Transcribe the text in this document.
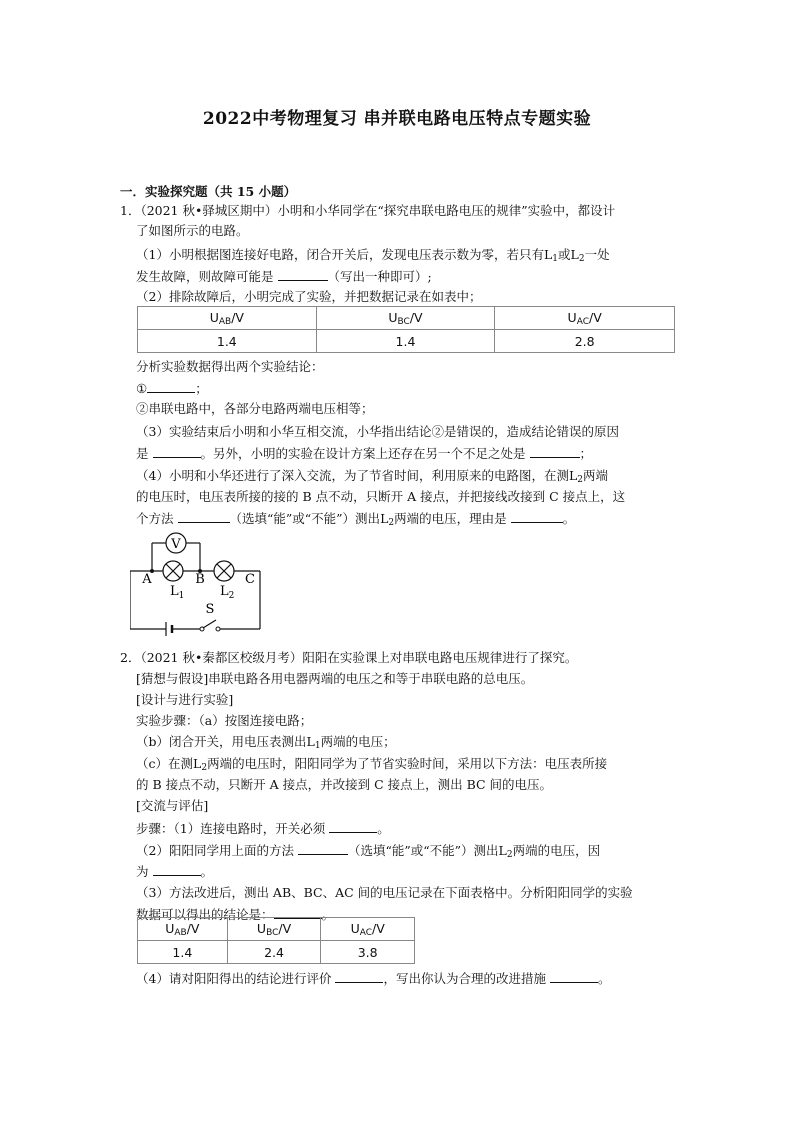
2022中考物理复习 串并联电路电压特点专题实验
一．实验探究题（共 15 小题）
1．（2021 秋•驿城区期中）小明和小华同学在“探究串联电路电压的规律”实验中，都设计
了如图所示的电路。
（1）小明根据图连接好电路，闭合开关后，发现电压表示数为零，若只有$L_1$或$L_2$一处
发生故障，则故障可能是	（写出一种即可）;
（2）排除故障后，小明完成了实验，并把数据记录在如表中；
$U_{AB}/V$	$U_{BC}/V$	$U_{AC}/V$
1.4	1.4	2.8
分析实验数据得出两个实验结论：
①	；
②串联电路中，各部分电路两端电压相等；
（3）实验结束后小明和小华互相交流，小华指出结论②是错误的，造成结论错误的原因
是	。另外，小明的实验在设计方案上还存在另一个不足之处是	；
（4）小明和小华还进行了深入交流，为了节省时间，利用原来的电路图，在测$L_2$两端
的电压时，电压表所接的接的 B 点不动，只断开 A 接点，并把接线改接到 C 接点上，这
个方法	（选填“能”或“不能”）测出$L_2$两端的电压，理由是	。
V
A	B	C
$L_1$	$L_2$
S
2．（2021 秋•秦都区校级月考）阳阳在实验课上对串联电路电压规律进行了探究。
[猜想与假设]串联电路各用电器两端的电压之和等于串联电路的总电压。
[设计与进行实验]
实验步骤：（a）按图连接电路；
（b）闭合开关，用电压表测出$L_1$两端的电压；
（c）在测$L_2$两端的电压时，阳阳同学为了节省实验时间，采用以下方法：电压表所接
的 B 接点不动，只断开 A 接点，并改接到 C 接点上，测出 BC 间的电压。
[交流与评估]
步骤：（1）连接电路时，开关必须	。
（2）阳阳同学用上面的方法	（选填“能”或“不能”）测出$L_2$两端的电压，因
为	。
（3）方法改进后，测出 AB、BC、AC 间的电压记录在下面表格中。分析阳阳同学的实验
数据可以得出的结论是：	。
$U_{AB}/V$	$U_{BC}/V$	$U_{AC}/V$
1.4	2.4	3.8
（4）请对阳阳得出的结论进行评价	，写出你认为合理的改进措施	。
